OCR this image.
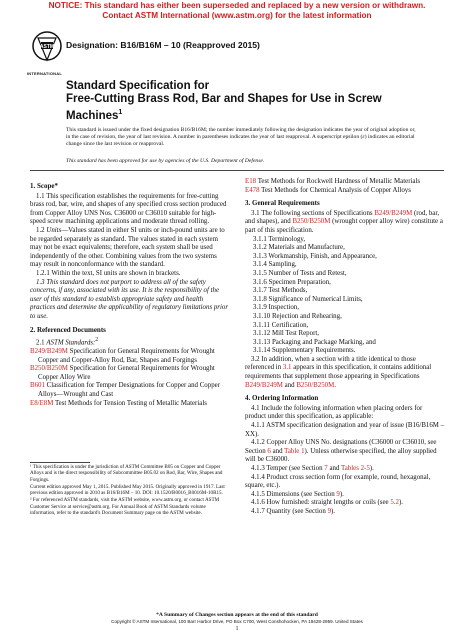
NOTICE: This standard has either been superseded and replaced by a new version or withdrawn.
Contact ASTM International (www.astm.org) for the latest information
ASTM
INTERNATIONAL
Designation: B16/B16M – 10 (Reapproved 2015)
Standard Specification for
Free-Cutting Brass Rod, Bar and Shapes for Use in Screw
Machines$^1$
This standard is issued under the fixed designation B16/B16M; the number immediately following the designation indicates the year of original adoption or, in the case of revision, the year of last revision. A number in parentheses indicates the year of last reapproval. A superscript epsilon (ε) indicates an editorial change since the last revision or reapproval.
This standard has been approved for use by agencies of the U.S. Department of Defense.

1. Scope*

1.1 This specification establishes the requirements for free-cutting brass rod, bar, wire, and shapes of any specified cross section produced from Copper Alloy UNS Nos. C36000 or C36010 suitable for high-speed screw machining applications and moderate thread rolling.

1.2 Units—Values stated in either SI units or inch-pound units are to be regarded separately as standard. The values stated in each system may not be exact equivalents; therefore, each system shall be used independently of the other. Combining values from the two systems may result in nonconformance with the standard.

1.2.1 Within the text, SI units are shown in brackets.

1.3 This standard does not purport to address all of the safety concerns, if any, associated with its use. It is the responsibility of the user of this standard to establish appropriate safety and health practices and determine the applicability of regulatory limitations prior to use.

2. Referenced Documents

2.1 ASTM Standards:$^2$

B249/B249M Specification for General Requirements for Wrought Copper and Copper-Alloy Rod, Bar, Shapes and Forgings

B250/B250M Specification for General Requirements for Wrought Copper Alloy Wire

B601 Classification for Temper Designations for Copper and Copper Alloys—Wrought and Cast

E8/E8M Test Methods for Tension Testing of Metallic Materials

¹ This specification is under the jurisdiction of ASTM Committee B05 on Copper and Copper Alloys and is the direct responsibility of Subcommittee B05.02 on Rod, Bar, Wire, Shapes and Forgings.

Current edition approved May 1, 2015. Published May 2015. Originally approved in 1917. Last previous edition approved in 2010 as B16/B16M – 10. DOI: 10.1520/B0016_B0016M-10R15.

² For referenced ASTM standards, visit the ASTM website, www.astm.org, or contact ASTM Customer Service at service@astm.org. For Annual Book of ASTM Standards volume information, refer to the standard's Document Summary page on the ASTM website.

E18 Test Methods for Rockwell Hardness of Metallic Materials

E478 Test Methods for Chemical Analysis of Copper Alloys

3. General Requirements

3.1 The following sections of Specifications B249/B249M (rod, bar, and shapes), and B250/B250M (wrought copper alloy wire) constitute a part of this specification.

3.1.1 Terminology,

3.1.2 Materials and Manufacture,

3.1.3 Workmanship, Finish, and Appearance,

3.1.4 Sampling,

3.1.5 Number of Tests and Retest,

3.1.6 Specimen Preparation,

3.1.7 Test Methods,

3.1.8 Significance of Numerical Limits,

3.1.9 Inspection,

3.1.10 Rejection and Rehearing,

3.1.11 Certification,

3.1.12 Mill Test Report,

3.1.13 Packaging and Package Marking, and

3.1.14 Supplementary Requirements.

3.2 In addition, when a section with a title identical to those referenced in 3.1 appears in this specification, it contains additional requirements that supplement those appearing in Specifications B249/B249M and B250/B250M.

4. Ordering Information

4.1 Include the following information when placing orders for product under this specification, as applicable:

4.1.1 ASTM specification designation and year of issue (B16/B16M – XX).

4.1.2 Copper Alloy UNS No. designations (C36000 or C36010, see Section 6 and Table 1). Unless otherwise specified, the alloy supplied will be C36000.

4.1.3 Temper (see Section 7 and Tables 2-5).

4.1.4 Product cross section form (for example, round, hexagonal, square, etc.).

4.1.5 Dimensions (see Section 9).

4.1.6 How furnished: straight lengths or coils (see 5.2).

4.1.7 Quantity (see Section 9).

*A Summary of Changes section appears at the end of this standard
Copyright © ASTM International, 100 Barr Harbor Drive, PO Box C700, West Conshohocken, PA 19428-2959. United States
1
